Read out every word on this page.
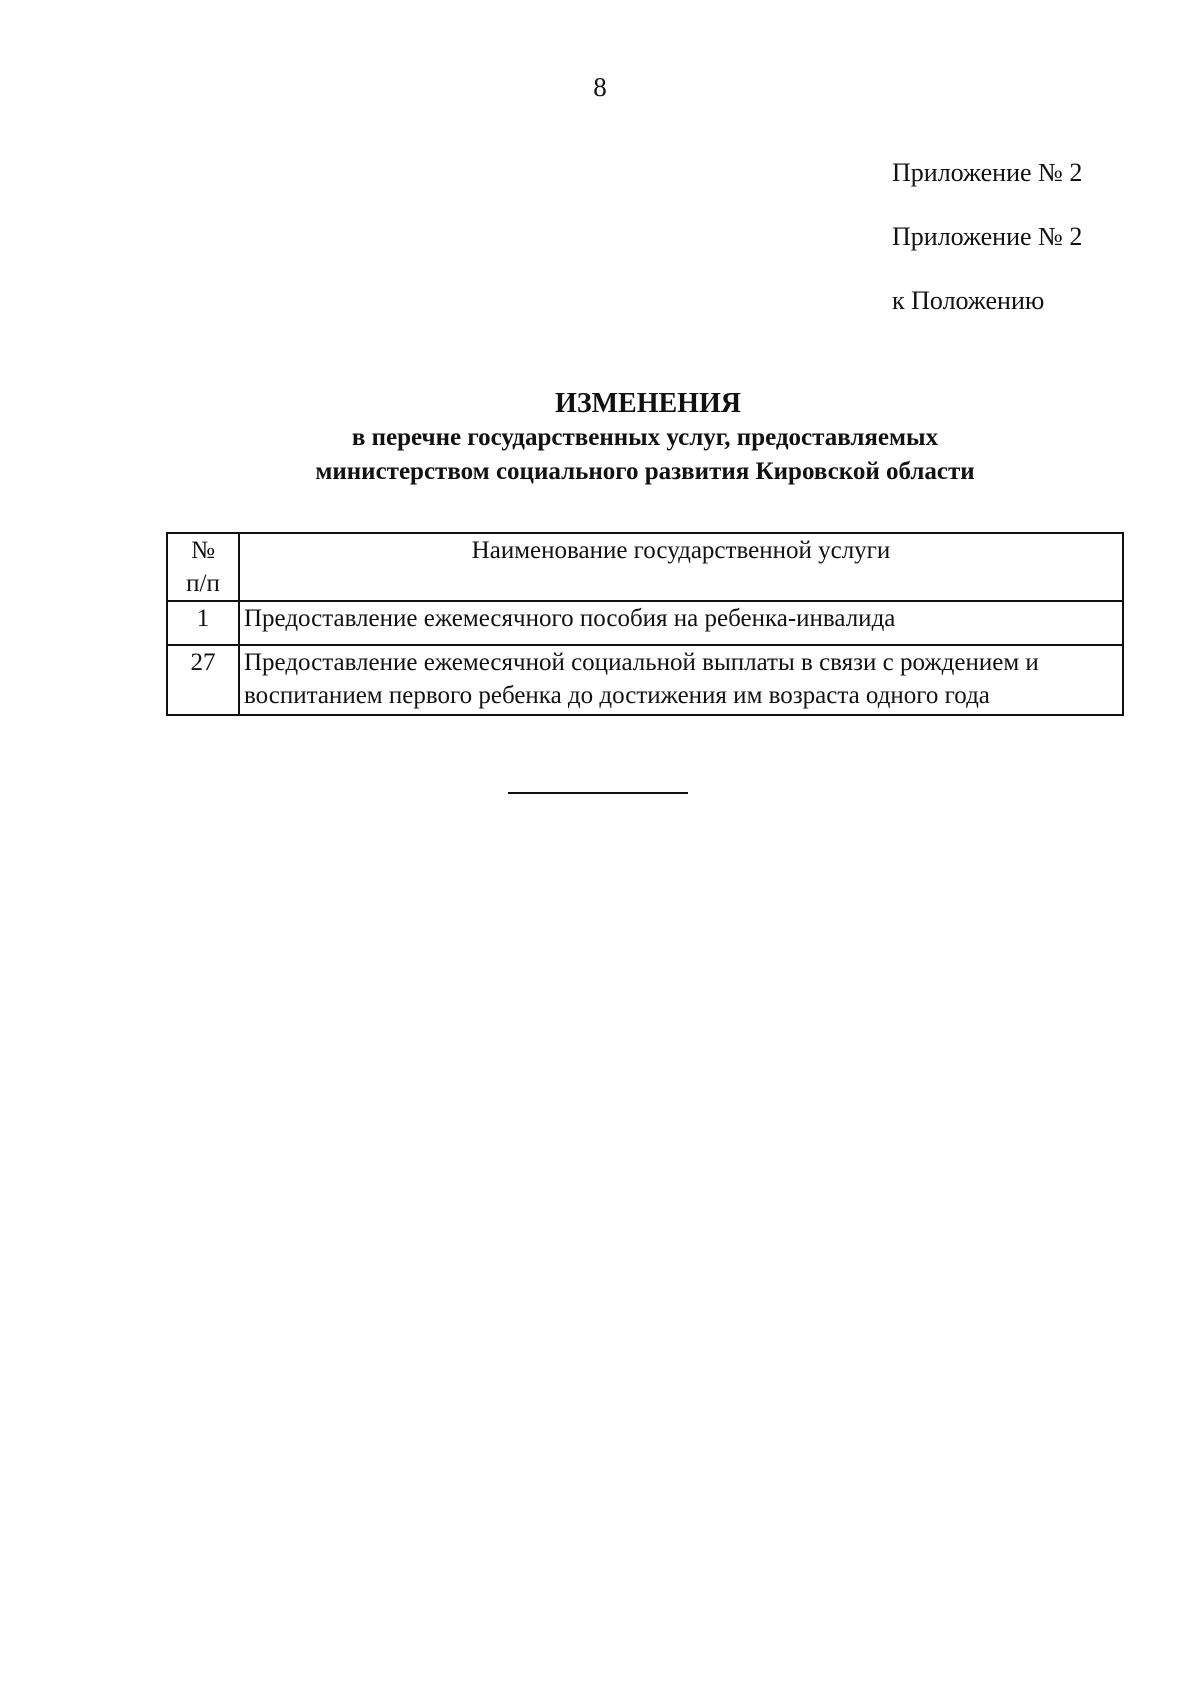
8
Приложение № 2
Приложение № 2
к Положению
ИЗМЕНЕНИЯ
в перечне государственных услуг, предоставляемых
министерством социального развития Кировской области
№
п/п	Наименование государственной услуги
1	Предоставление ежемесячного пособия на ребенка-инвалида
27	Предоставление ежемесячной социальной выплаты в связи с рождением и воспитанием первого ребенка до достижения им возраста одного года
